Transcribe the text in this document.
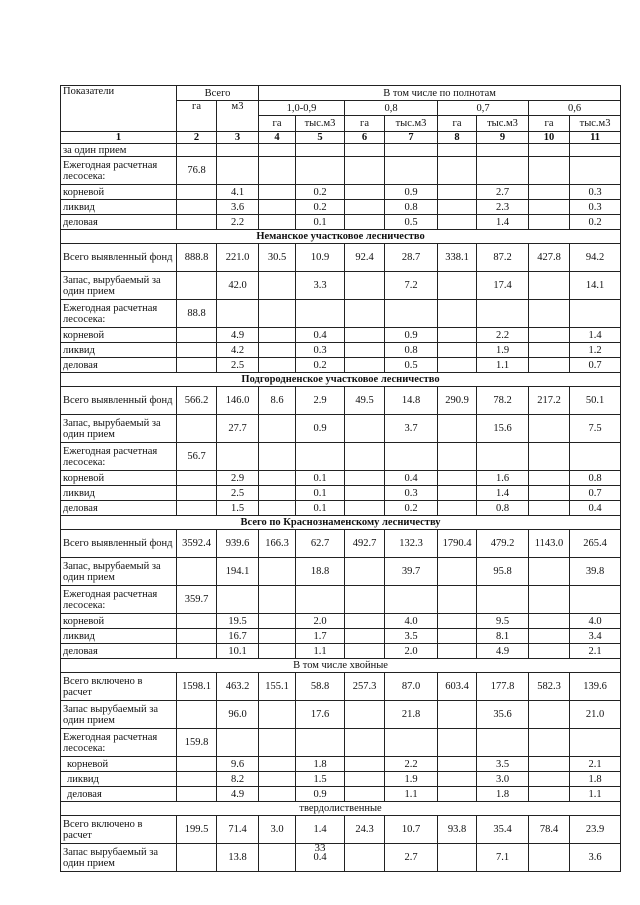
Показатели	Всего		В том числе по полнотам							
	га	м3	1,0-0,9		0,8		0,7		0,6	
			га	тыс.м3	га	тыс.м3	га	тыс.м3	га	тыс.м3
1	2	3	4	5	6	7	8	9	10	11
за один прием										
Ежегодная расчетная лесосека:	76.8									
корневой		4.1		0.2		0.9		2.7		0.3
ликвид		3.6		0.2		0.8		2.3		0.3
деловая		2.2		0.1		0.5		1.4		0.2
Неманское участковое лесничество										
Всего выявленный фонд	888.8	221.0	30.5	10.9	92.4	28.7	338.1	87.2	427.8	94.2
Запас, вырубаемый за один прием		42.0		3.3		7.2		17.4		14.1
Ежегодная расчетная лесосека:	88.8									
корневой		4.9		0.4		0.9		2.2		1.4
ликвид		4.2		0.3		0.8		1.9		1.2
деловая		2.5		0.2		0.5		1.1		0.7
Подгородненское участковое лесничество										
Всего выявленный фонд	566.2	146.0	8.6	2.9	49.5	14.8	290.9	78.2	217.2	50.1
Запас, вырубаемый за один прием		27.7		0.9		3.7		15.6		7.5
Ежегодная расчетная лесосека:	56.7									
корневой		2.9		0.1		0.4		1.6		0.8
ликвид		2.5		0.1		0.3		1.4		0.7
деловая		1.5		0.1		0.2		0.8		0.4
Всего по Краснознаменскому лесничеству										
Всего выявленный фонд	3592.4	939.6	166.3	62.7	492.7	132.3	1790.4	479.2	1143.0	265.4
Запас, вырубаемый за один прием		194.1		18.8		39.7		95.8		39.8
Ежегодная расчетная лесосека:	359.7									
корневой		19.5		2.0		4.0		9.5		4.0
ликвид		16.7		1.7		3.5		8.1		3.4
деловая		10.1		1.1		2.0		4.9		2.1
В том числе хвойные										
Всего включено в расчет	1598.1	463.2	155.1	58.8	257.3	87.0	603.4	177.8	582.3	139.6
Запас вырубаемый за один прием		96.0		17.6		21.8		35.6		21.0
Ежегодная расчетная лесосека:	159.8									
корневой		9.6		1.8		2.2		3.5		2.1
ликвид		8.2		1.5		1.9		3.0		1.8
деловая		4.9		0.9		1.1		1.8		1.1
твердолиственные										
Всего включено в расчет	199.5	71.4	3.0	1.4	24.3	10.7	93.8	35.4	78.4	23.9
Запас вырубаемый за один прием		13.8		0.4		2.7		7.1		3.6
33
